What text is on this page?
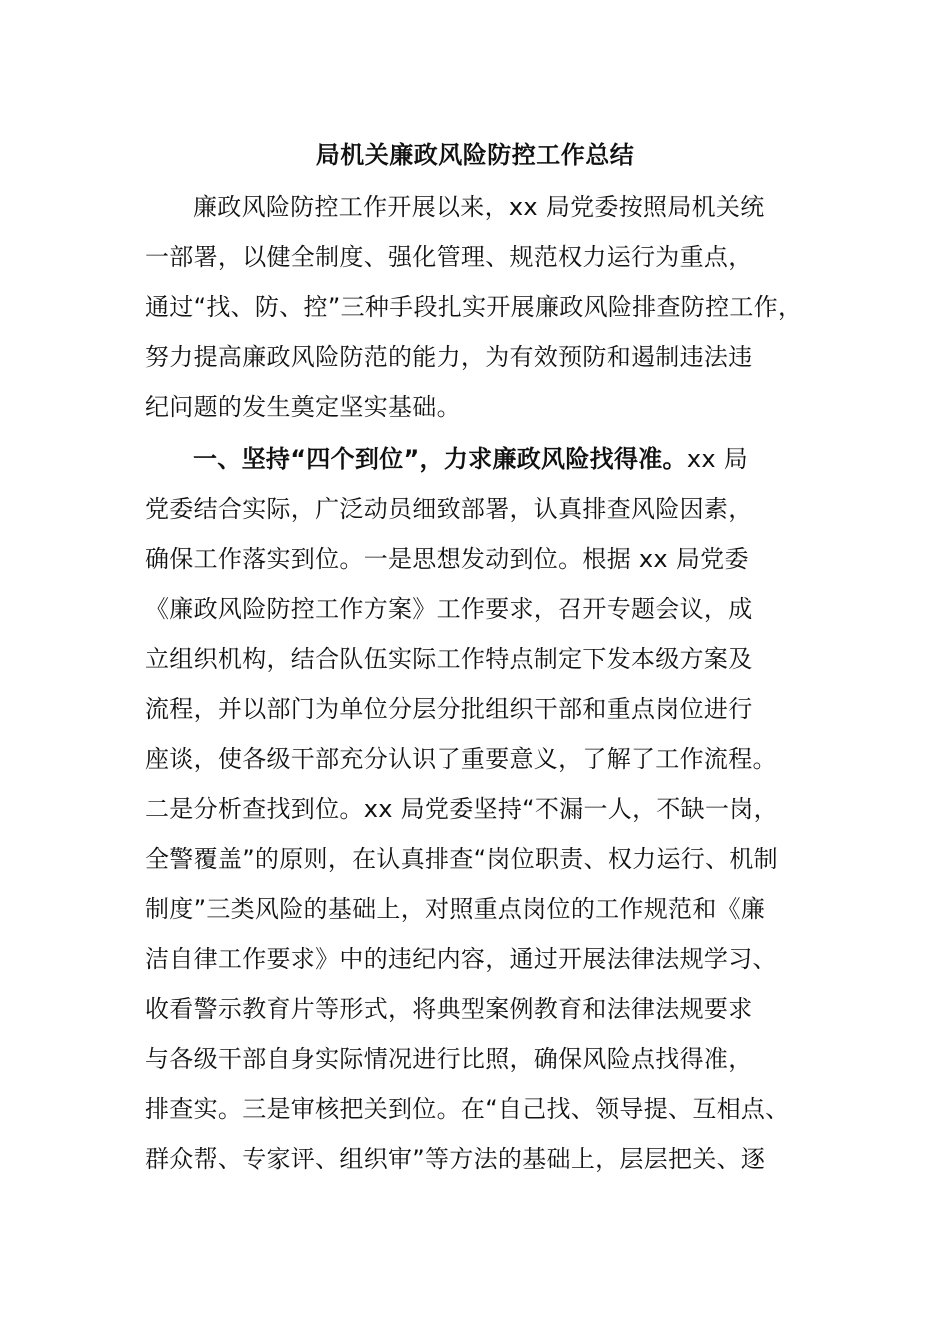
局机关廉政风险防控工作总结
廉政风险防控工作开展以来，xx 局党委按照局机关统
一部署，以健全制度、强化管理、规范权力运行为重点，
通过“找、防、控”三种手段扎实开展廉政风险排查防控工作，
努力提高廉政风险防范的能力，为有效预防和遏制违法违
纪问题的发生奠定坚实基础。
一、坚持“四个到位”，力求廉政风险找得准。xx 局
党委结合实际，广泛动员细致部署，认真排查风险因素，
确保工作落实到位。一是思想发动到位。根据 xx 局党委
《廉政风险防控工作方案》工作要求，召开专题会议，成
立组织机构，结合队伍实际工作特点制定下发本级方案及
流程，并以部门为单位分层分批组织干部和重点岗位进行
座谈，使各级干部充分认识了重要意义，了解了工作流程。
二是分析查找到位。xx 局党委坚持“不漏一人，不缺一岗，
全警覆盖”的原则，在认真排查“岗位职责、权力运行、机制
制度”三类风险的基础上，对照重点岗位的工作规范和《廉
洁自律工作要求》中的违纪内容，通过开展法律法规学习、
收看警示教育片等形式，将典型案例教育和法律法规要求
与各级干部自身实际情况进行比照，确保风险点找得准，
排查实。三是审核把关到位。在“自己找、领导提、互相点、
群众帮、专家评、组织审”等方法的基础上，层层把关、逐
